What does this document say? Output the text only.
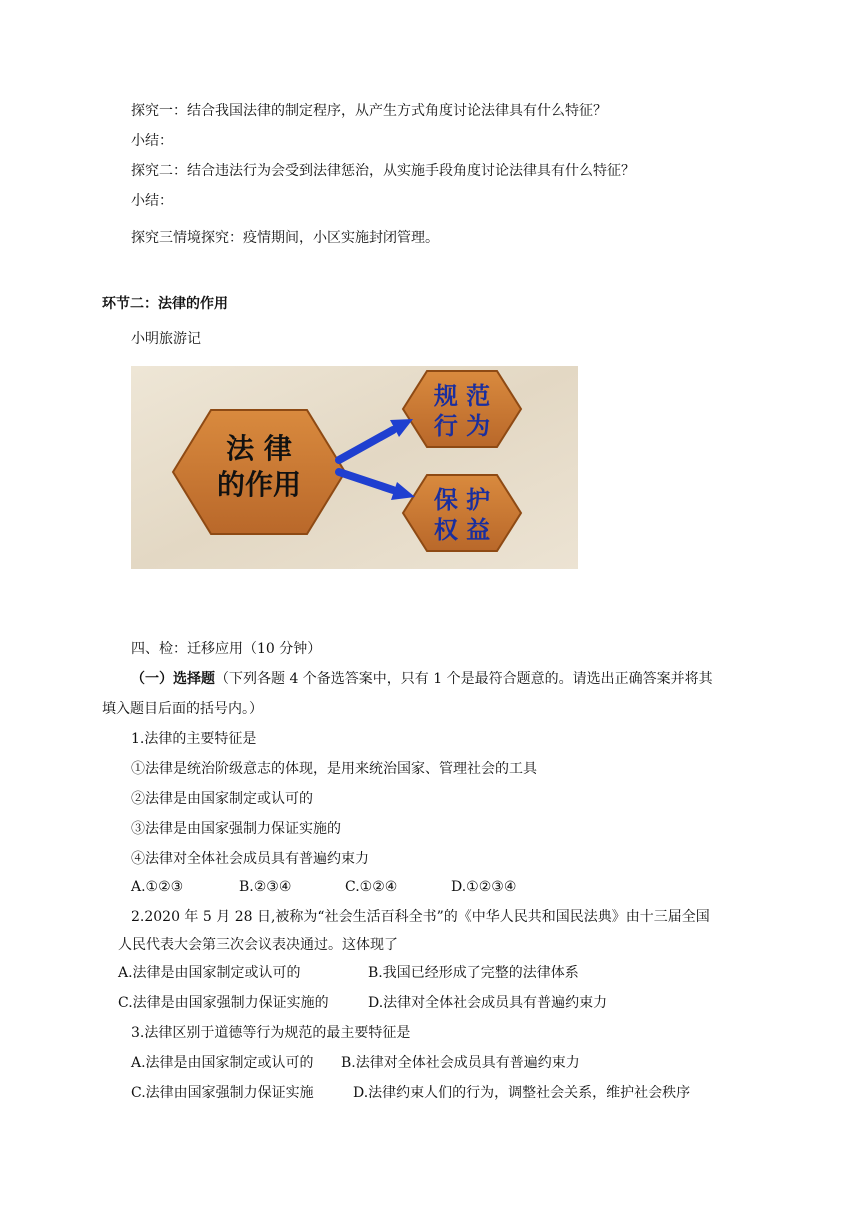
探究一：结合我国法律的制定程序，从产生方式角度讨论法律具有什么特征？
小结：
探究二：结合违法行为会受到法律惩治，从实施手段角度讨论法律具有什么特征？
小结：
探究三情境探究：疫情期间，小区实施封闭管理。
环节二：法律的作用
小明旅游记
法 律
的作用
规 范
行 为
保 护
权 益
四、检：迁移应用（10 分钟）
（一）选择题（下列各题 4 个备选答案中，只有 1 个是最符合题意的。请选出正确答案并将其
填入题目后面的括号内。）
1.法律的主要特征是
①法律是统治阶级意志的体现，是用来统治国家、管理社会的工具
②法律是由国家制定或认可的
③法律是由国家强制力保证实施的
④法律对全体社会成员具有普遍约束力
A.①②③	B.②③④	C.①②④	D.①②③④
2.2020 年 5 月 28 日,被称为“社会生活百科全书”的《中华人民共和国民法典》由十三届全国
人民代表大会第三次会议表决通过。这体现了
A.法律是由国家制定或认可的	B.我国已经形成了完整的法律体系
C.法律是由国家强制力保证实施的	D.法律对全体社会成员具有普遍约束力
3.法律区别于道德等行为规范的最主要特征是
A.法律是由国家制定或认可的 B.法律对全体社会成员具有普遍约束力
C.法律由国家强制力保证实施	D.法律约束人们的行为，调整社会关系，维护社会秩序
